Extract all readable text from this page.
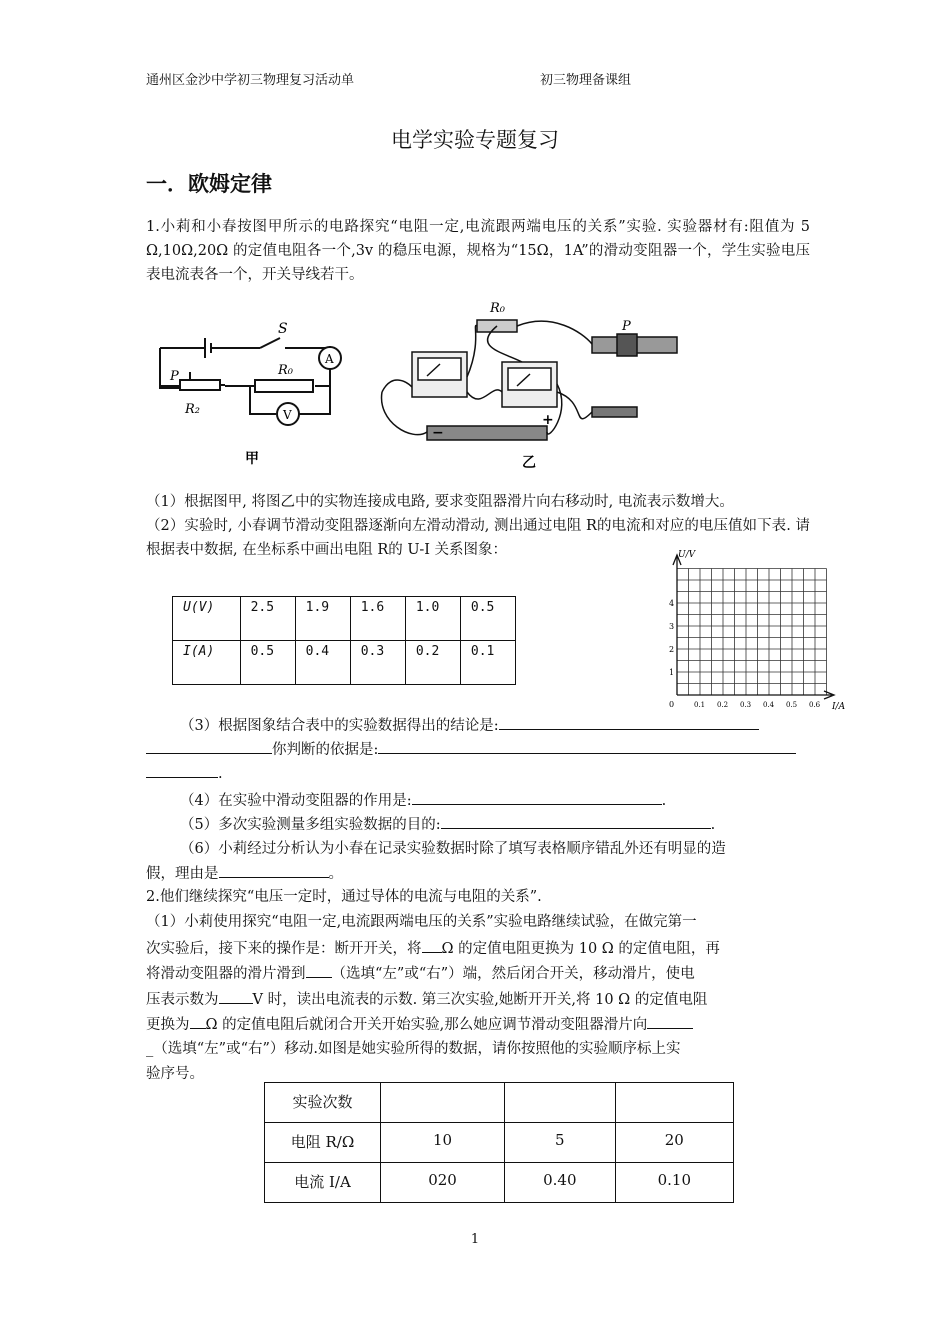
通州区金沙中学初三物理复习活动单	初三物理备课组
电学实验专题复习
一．欧姆定律
1.小莉和小春按图甲所示的电路探究“电阻一定,电流跟两端电压的关系”实验. 实验器材有:阻值为 5 Ω,10Ω,20Ω 的定值电阻各一个,3v 的稳压电源，规格为“15Ω，1A”的滑动变阻器一个，学生实验电压表电流表各一个，开关导线若干。
S
A
V
P	R₀
R₂
甲
R₀
P
−
+
乙
（1）根据图甲, 将图乙中的实物连接成电路, 要求变阻器滑片向右移动时, 电流表示数增大。
（2）实验时, 小春调节滑动变阻器逐渐向左滑动滑动, 测出通过电阻 R的电流和对应的电压值如下表. 请根据表中数据, 在坐标系中画出电阻 R的 U-I 关系图象：
U(V)	2.5	1.9	1.6	1.0	0.5
I(A)	0.5	0.4	0.3	0.2	0.1
U/V
I/A
0
1
2
3
4
0.1 0.2 0.3 0.4 0.5 0.6
（3）根据图象结合表中的实验数据得出的结论是:
你判断的依据是:
.
（4）在实验中滑动变阻器的作用是:	.
（5）多次实验测量多组实验数据的目的:	.
（6）小莉经过分析认为小春在记录实验数据时除了填写表格顺序错乱外还有明显的造
假，理由是	。
2.他们继续探究“电压一定时，通过导体的电流与电阻的关系”.
（1）小莉使用探究“电阻一定,电流跟两端电压的关系”实验电路继续试验，在做完第一
次实验后，接下来的操作是：断开开关，将 Ω 的定值电阻更换为 10 Ω 的定值电阻，再
将滑动变阻器的滑片滑到 （选填“左”或“右”）端，然后闭合开关，移动滑片，使电
压表示数为 V 时，读出电流表的示数. 第三次实验,她断开开关,将 10 Ω 的定值电阻
更换为 Ω 的定值电阻后就闭合开关开始实验,那么她应调节滑动变阻器滑片向
_（选填“左”或“右”）移动.如图是她实验所得的数据，请你按照他的实验顺序标上实
验序号。
实验次数			
电阻 R/Ω	10	5	20
电流 I/A	020	0.40	0.10
1
